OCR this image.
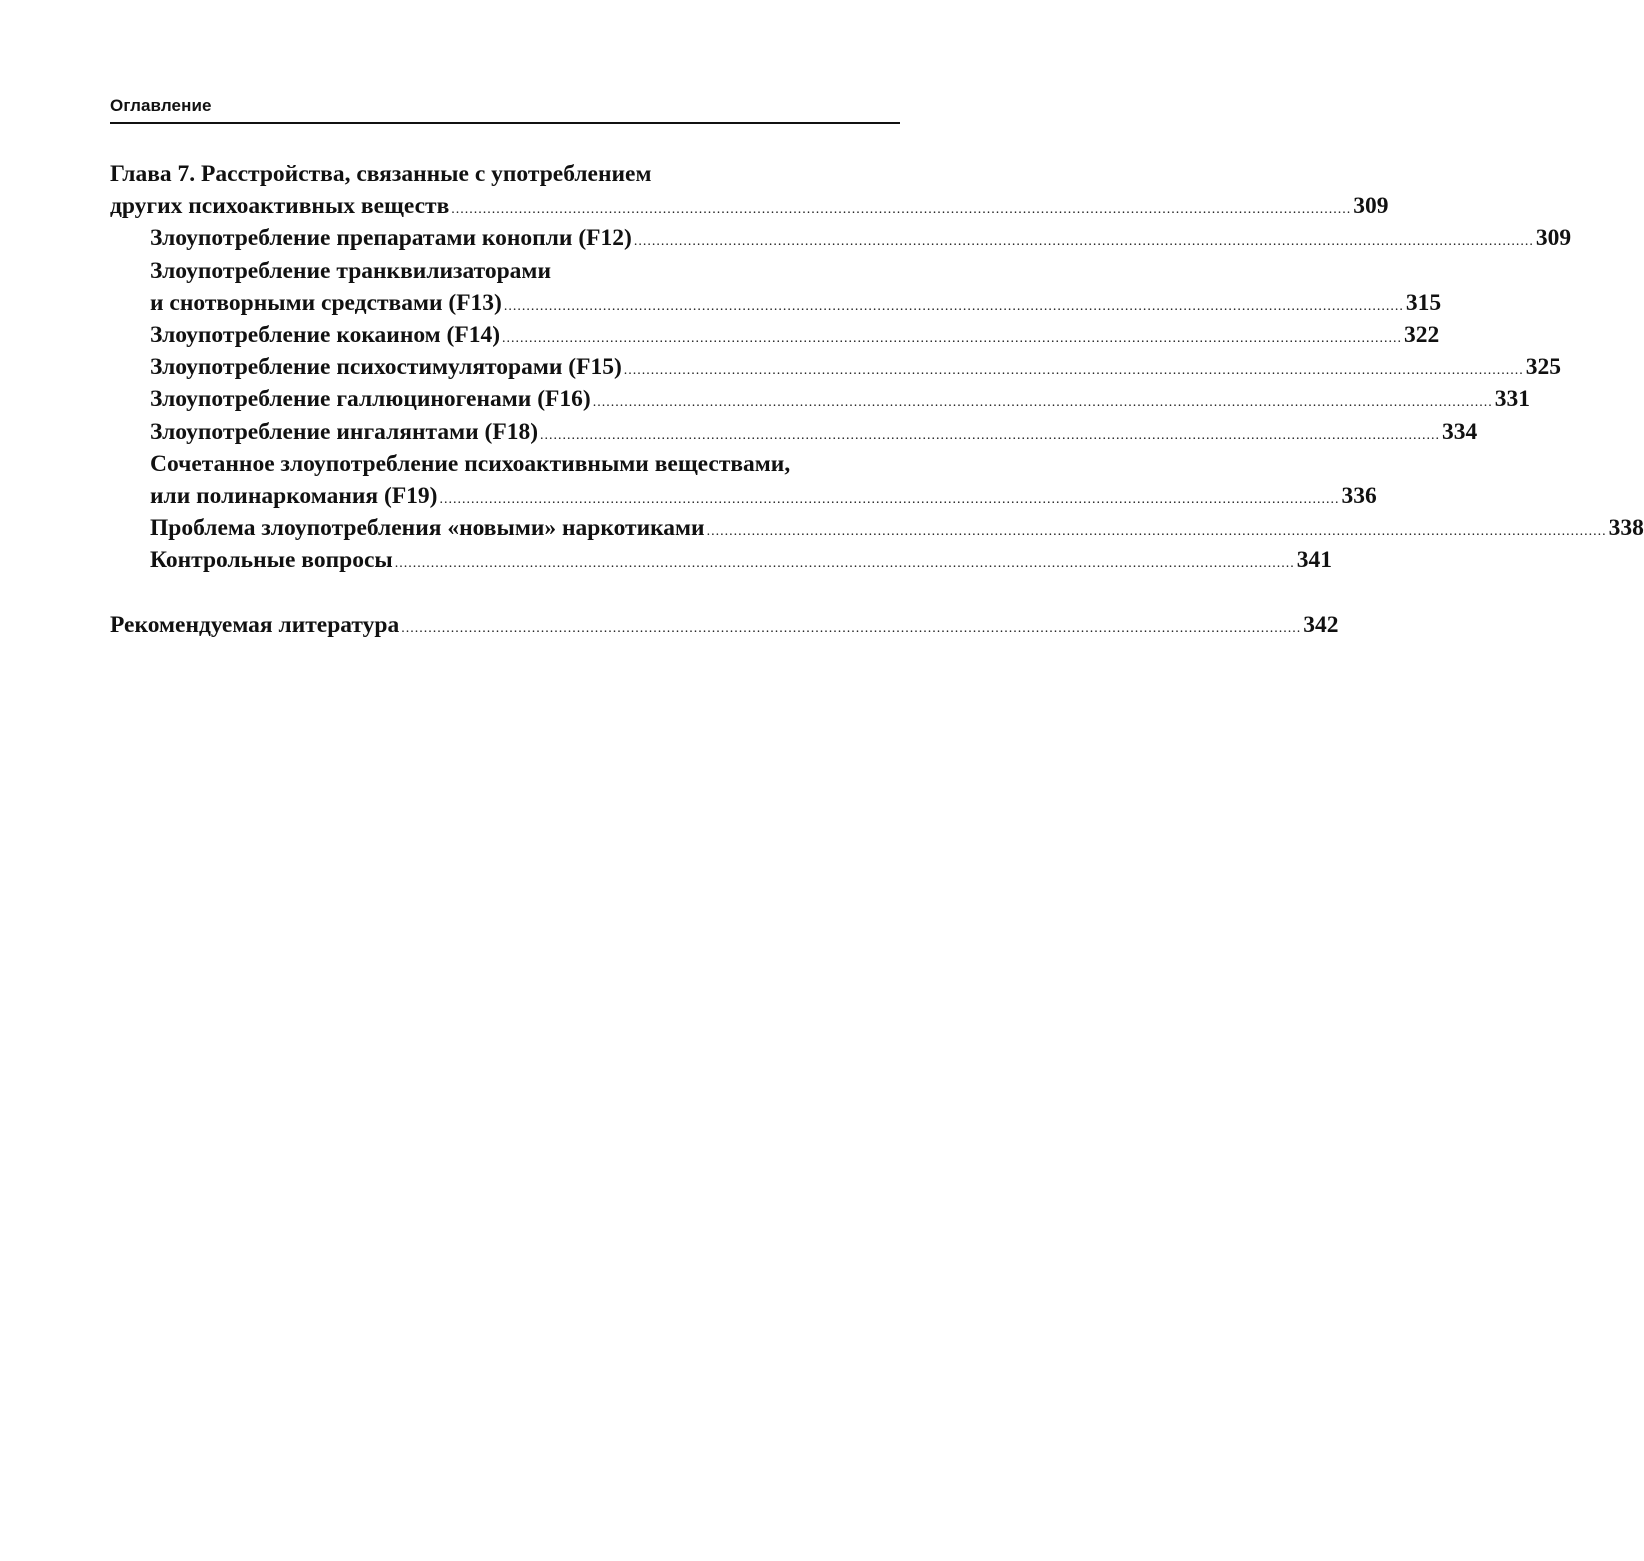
Оглавление
Глава 7. Расстройства, связанные с употреблением
других психоактивных веществ ........................................................................................................................................................................................................ 309
Злоупотребление препаратами конопли (F12) ........................................................................................................................................................................................................ 309
Злоупотребление транквилизаторами
и снотворными средствами (F13) ........................................................................................................................................................................................................ 315
Злоупотребление кокаином (F14) ........................................................................................................................................................................................................ 322
Злоупотребление психостимуляторами (F15) ........................................................................................................................................................................................................ 325
Злоупотребление галлюциногенами (F16) ........................................................................................................................................................................................................ 331
Злоупотребление ингалянтами (F18) ........................................................................................................................................................................................................ 334
Сочетанное злоупотребление психоактивными веществами,
или полинаркомания (F19) ........................................................................................................................................................................................................ 336
Проблема злоупотребления «новыми» наркотиками ........................................................................................................................................................................................................ 338
Контрольные вопросы ........................................................................................................................................................................................................ 341
Рекомендуемая литература ........................................................................................................................................................................................................ 342
